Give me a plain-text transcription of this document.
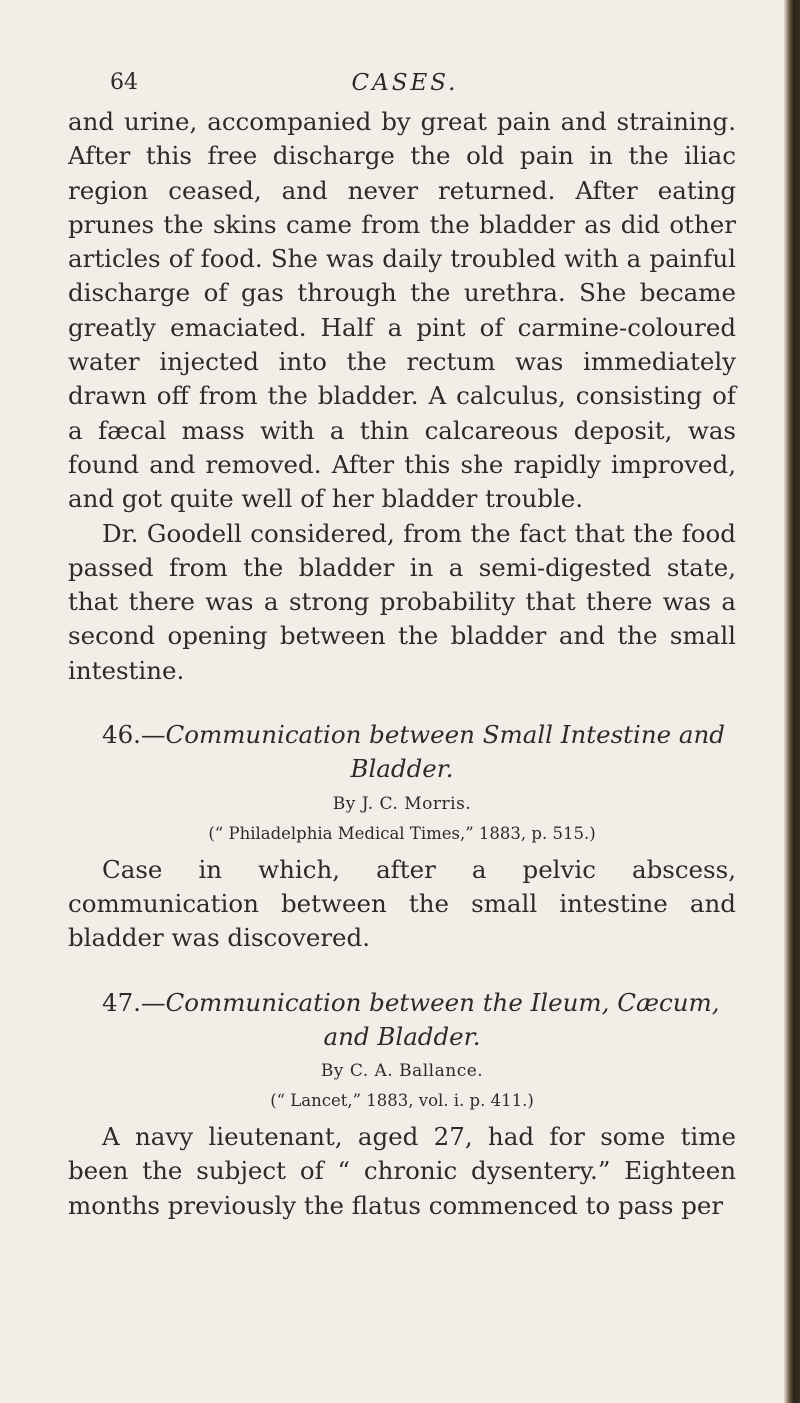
64	CASES.

and urine, accompanied by great pain and straining. After this free discharge the old pain in the iliac region ceased, and never returned. After eating prunes the skins came from the bladder as did other articles of food. She was daily troubled with a painful discharge of gas through the urethra. She became greatly emaciated. Half a pint of carmine-coloured water injected into the rectum was immediately drawn off from the bladder. A calculus, consisting of a fæcal mass with a thin calcareous deposit, was found and removed. After this she rapidly improved, and got quite well of her bladder trouble.

Dr. Goodell considered, from the fact that the food passed from the bladder in a semi-digested state, that there was a strong probability that there was a second opening between the bladder and the small intestine.

46.—Communication between Small Intestine and

Bladder.

By J. C. Morris.

(“ Philadelphia Medical Times,” 1883, p. 515.)

Case in which, after a pelvic abscess, communication between the small intestine and bladder was discovered.

47.—Communication between the Ileum, Cæcum,

and Bladder.

By C. A. Ballance.

(“ Lancet,” 1883, vol. i. p. 411.)

A navy lieutenant, aged 27, had for some time been the subject of “ chronic dysentery.” Eighteen months previously the flatus commenced to pass per
